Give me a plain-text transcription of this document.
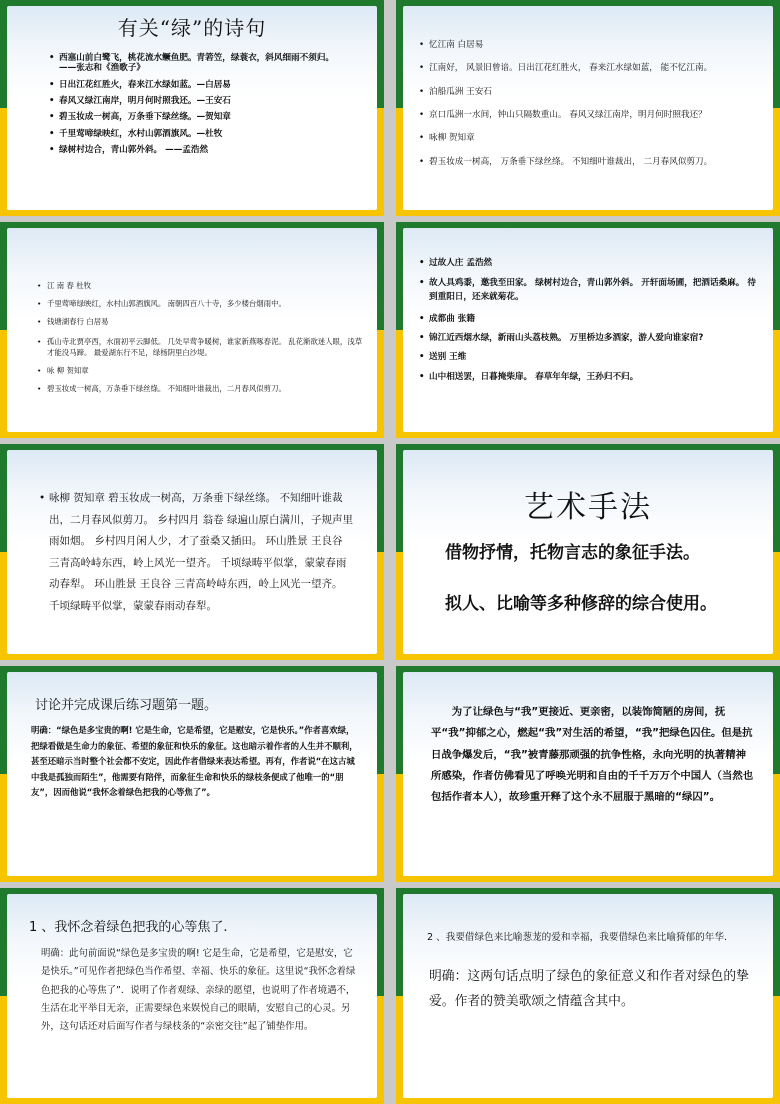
有关“绿”的诗句
• 西塞山前白鹭飞，桃花流水鳜鱼肥。青箬笠，绿蓑衣，斜风细雨不须归。——张志和《渔歌子》
• 日出江花红胜火，春来江水绿如蓝。—白居易
• 春风又绿江南岸，明月何时照我还。—王安石
• 碧玉妆成一树高，万条垂下绿丝绦。—贺知章
• 千里莺啼绿映红，水村山郭酒旗风。—杜牧
• 绿树村边合，青山郭外斜。 ——孟浩然
• 忆江南 白居易
• 江南好， 风景旧曾谙。日出江花红胜火， 春来江水绿如蓝， 能不忆江南。
• 泊船瓜洲 王安石
• 京口瓜洲一水间，钟山只隔数重山。 春风又绿江南岸，明月何时照我还？
• 咏柳 贺知章
• 碧玉妆成一树高， 万条垂下绿丝绦。 不知细叶谁裁出， 二月春风似剪刀。
• 江 南 春 杜牧
• 千里莺啼绿映红，水村山郭酒旗风。 南朝四百八十寺，多少楼台烟雨中。
• 钱塘湖春行 白居易
• 孤山寺北贾亭西，水面初平云脚低。 几处早莺争暖树，谁家新燕啄春泥。 乱花渐欲迷人眼，浅草才能没马蹄。 最爱湖东行不足，绿杨阴里白沙堤。
• 咏 柳 贺知章
• 碧玉妆成一树高，万条垂下绿丝绦。 不知细叶谁裁出，二月春风似剪刀。
• 过故人庄 孟浩然
• 故人具鸡黍，邀我至田家。 绿树村边合，青山郭外斜。 开轩面场圃，把酒话桑麻。 待到重阳日，还来就菊花。
• 成都曲 张籍
• 锦江近西烟水绿，新雨山头荔枝熟。 万里桥边多酒家，游人爱向谁家宿?
• 送别 王维
• 山中相送罢，日暮掩柴扉。 春草年年绿，王孙归不归。
• 咏柳 贺知章 碧玉妆成一树高，万条垂下绿丝绦。 不知细叶谁裁出，二月春风似剪刀。 乡村四月 翁卷 绿遍山原白满川，子规声里雨如烟。 乡村四月闲人少，才了蚕桑又插田。 环山胜景 王良谷 三青高岭峙东西，岭上风光一望齐。 千顷绿畴平似掌，蒙蒙春雨动春犁。 环山胜景 王良谷 三青高岭峙东西，岭上风光一望齐。 千顷绿畴平似掌，蒙蒙春雨动春犁。
艺术手法

借物抒情，托物言志的象征手法。

拟人、比喻等多种修辞的综合使用。

讨论并完成课后练习题第一题。

明确：“绿色是多宝贵的啊! 它是生命，它是希望，它是慰安，它是快乐。”作者喜欢绿，把绿看做是生命力的象征、希望的象征和快乐的象征。这也暗示着作者的人生并不顺利，甚至还暗示当时整个社会都不安定，因此作者借绿来表达希望。再有，作者说“在这古城中我是孤独而陌生”，他需要有陪伴，而象征生命和快乐的绿枝条便成了他唯一的“朋友”，因而他说“我怀念着绿色把我的心等焦了”。

为了让绿色与“我”更接近、更亲密，以装饰简陋的房间，抚平“我”抑郁之心，燃起“我”对生活的希望，“我”把绿色囚住。但是抗日战争爆发后，“我”被青藤那顽强的抗争性格，永向光明的执著精神所感染，作者仿佛看见了呼唤光明和自由的千千万万个中国人（当然也包括作者本人），故珍重开释了这个永不屈服于黑暗的“绿囚”。

1 、我怀念着绿色把我的心等焦了.

明确：此句前面说“绿色是多宝贵的啊! 它是生命，它是希望，它是慰安，它是快乐。”可见作者把绿色当作希望、幸福、快乐的象征。这里说“我怀念着绿色把我的心等焦了”．说明了作者观绿、亲绿的愿望，也说明了作者境遇不，生活在北平举目无亲，正需要绿色来娱悦自己的眼睛，安慰自己的心灵。另外，这句话还对后面写作者与绿枝条的“亲密交往”起了铺垫作用。

2 、我要借绿色来比喻葱茏的爱和幸福，我要借绿色来比喻猗郁的年华.

明确：这两句话点明了绿色的象征意义和作者对绿色的挚爱。作者的赞美歌颂之情蕴含其中。
